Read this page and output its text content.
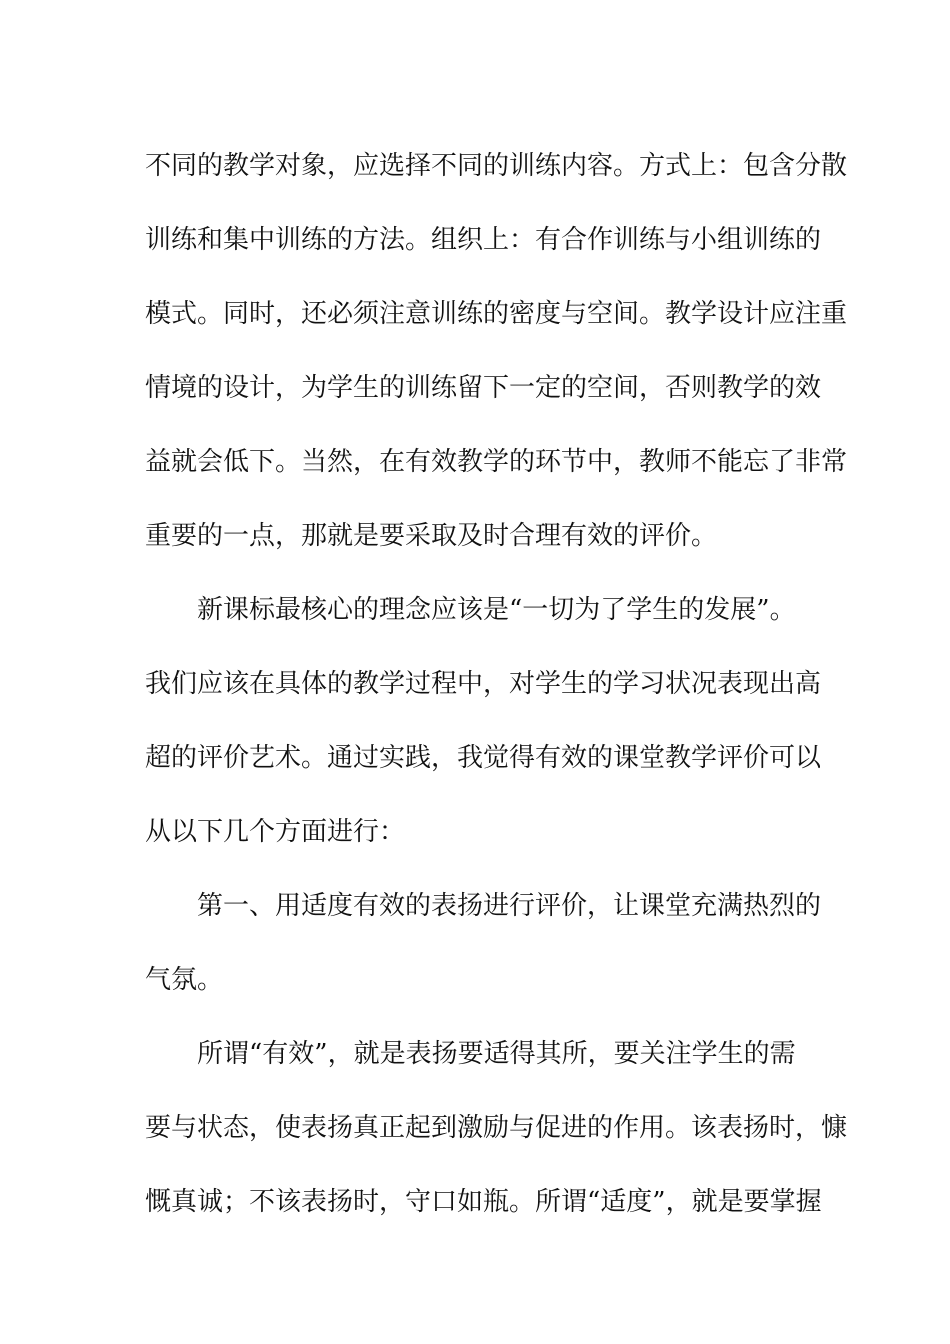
不同的教学对象，应选择不同的训练内容。方式上：包含分散
训练和集中训练的方法。组织上：有合作训练与小组训练的
模式。同时，还必须注意训练的密度与空间。教学设计应注重
情境的设计，为学生的训练留下一定的空间，否则教学的效
益就会低下。当然，在有效教学的环节中，教师不能忘了非常
重要的一点，那就是要采取及时合理有效的评价。
新课标最核心的理念应该是“一切为了学生的发展”。
我们应该在具体的教学过程中，对学生的学习状况表现出高
超的评价艺术。通过实践，我觉得有效的课堂教学评价可以
从以下几个方面进行：
第一、用适度有效的表扬进行评价，让课堂充满热烈的
气氛。
所谓“有效”，就是表扬要适得其所，要关注学生的需
要与状态，使表扬真正起到激励与促进的作用。该表扬时，慷
慨真诚；不该表扬时，守口如瓶。所谓“适度”，就是要掌握
